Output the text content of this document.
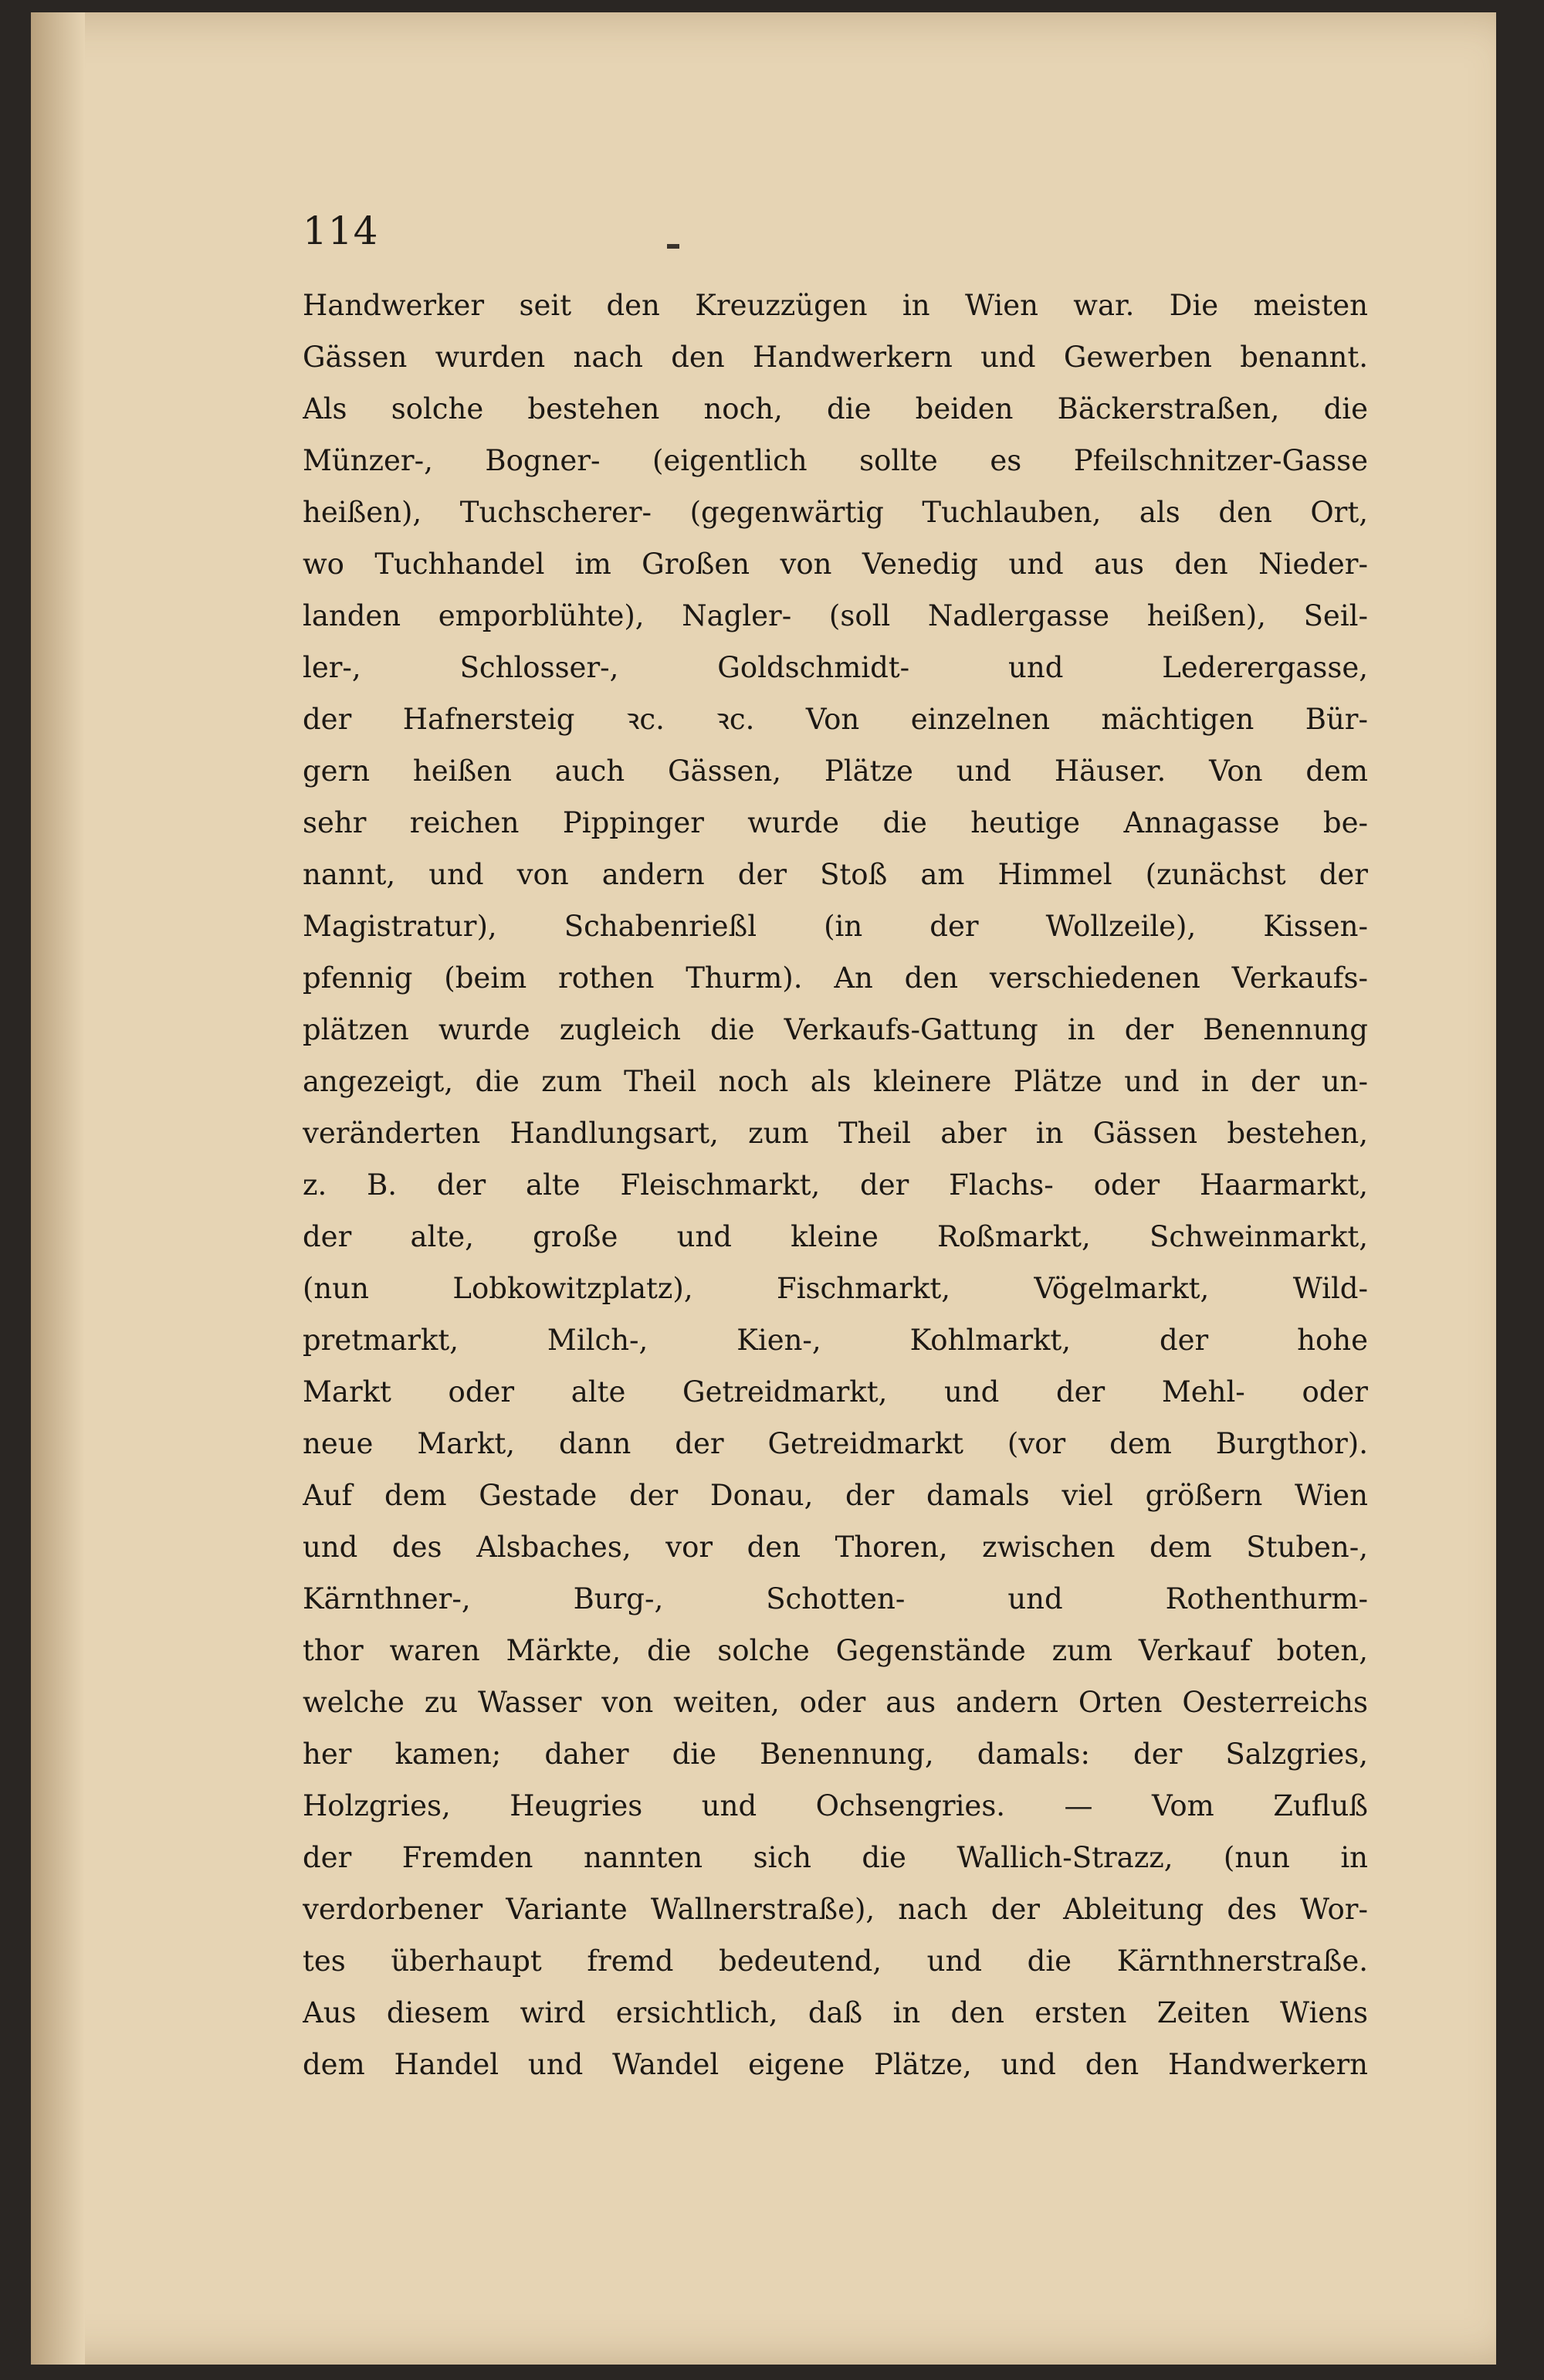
114
Handwerker seit den Kreuzzügen in Wien war. Die meisten
Gässen wurden nach den Handwerkern und Gewerben benannt.
Als solche bestehen noch, die beiden Bäckerstraßen, die
Münzer-, Bogner- (eigentlich sollte es Pfeilschnitzer-Gasse
heißen), Tuchscherer- (gegenwärtig Tuchlauben, als den Ort,
wo Tuchhandel im Großen von Venedig und aus den Nieder-
landen emporblühte), Nagler- (soll Nadlergasse heißen), Seil-
ler-, Schlosser-, Goldschmidt- und Lederergasse,
der Hafnersteig ꝛc. ꝛc. Von einzelnen mächtigen Bür-
gern heißen auch Gässen, Plätze und Häuser. Von dem
sehr reichen Pippinger wurde die heutige Annagasse be-
nannt, und von andern der Stoß am Himmel (zunächst der
Magistratur), Schabenrießl (in der Wollzeile), Kissen-
pfennig (beim rothen Thurm). An den verschiedenen Verkaufs-
plätzen wurde zugleich die Verkaufs-Gattung in der Benennung
angezeigt, die zum Theil noch als kleinere Plätze und in der un-
veränderten Handlungsart, zum Theil aber in Gässen bestehen,
z. B. der alte Fleischmarkt, der Flachs- oder Haarmarkt,
der alte, große und kleine Roßmarkt, Schweinmarkt,
(nun Lobkowitzplatz), Fischmarkt, Vögelmarkt, Wild-
pretmarkt, Milch-, Kien-, Kohlmarkt, der hohe
Markt oder alte Getreidmarkt, und der Mehl- oder
neue Markt, dann der Getreidmarkt (vor dem Burgthor).
Auf dem Gestade der Donau, der damals viel größern Wien
und des Alsbaches, vor den Thoren, zwischen dem Stuben-,
Kärnthner-, Burg-, Schotten- und Rothenthurm-
thor waren Märkte, die solche Gegenstände zum Verkauf boten,
welche zu Wasser von weiten, oder aus andern Orten Oesterreichs
her kamen; daher die Benennung, damals: der Salzgries,
Holzgries, Heugries und Ochsengries. — Vom Zufluß
der Fremden nannten sich die Wallich-Strazz, (nun in
verdorbener Variante Wallnerstraße), nach der Ableitung des Wor-
tes überhaupt fremd bedeutend, und die Kärnthnerstraße.
Aus diesem wird ersichtlich, daß in den ersten Zeiten Wiens
dem Handel und Wandel eigene Plätze, und den Handwerkern
